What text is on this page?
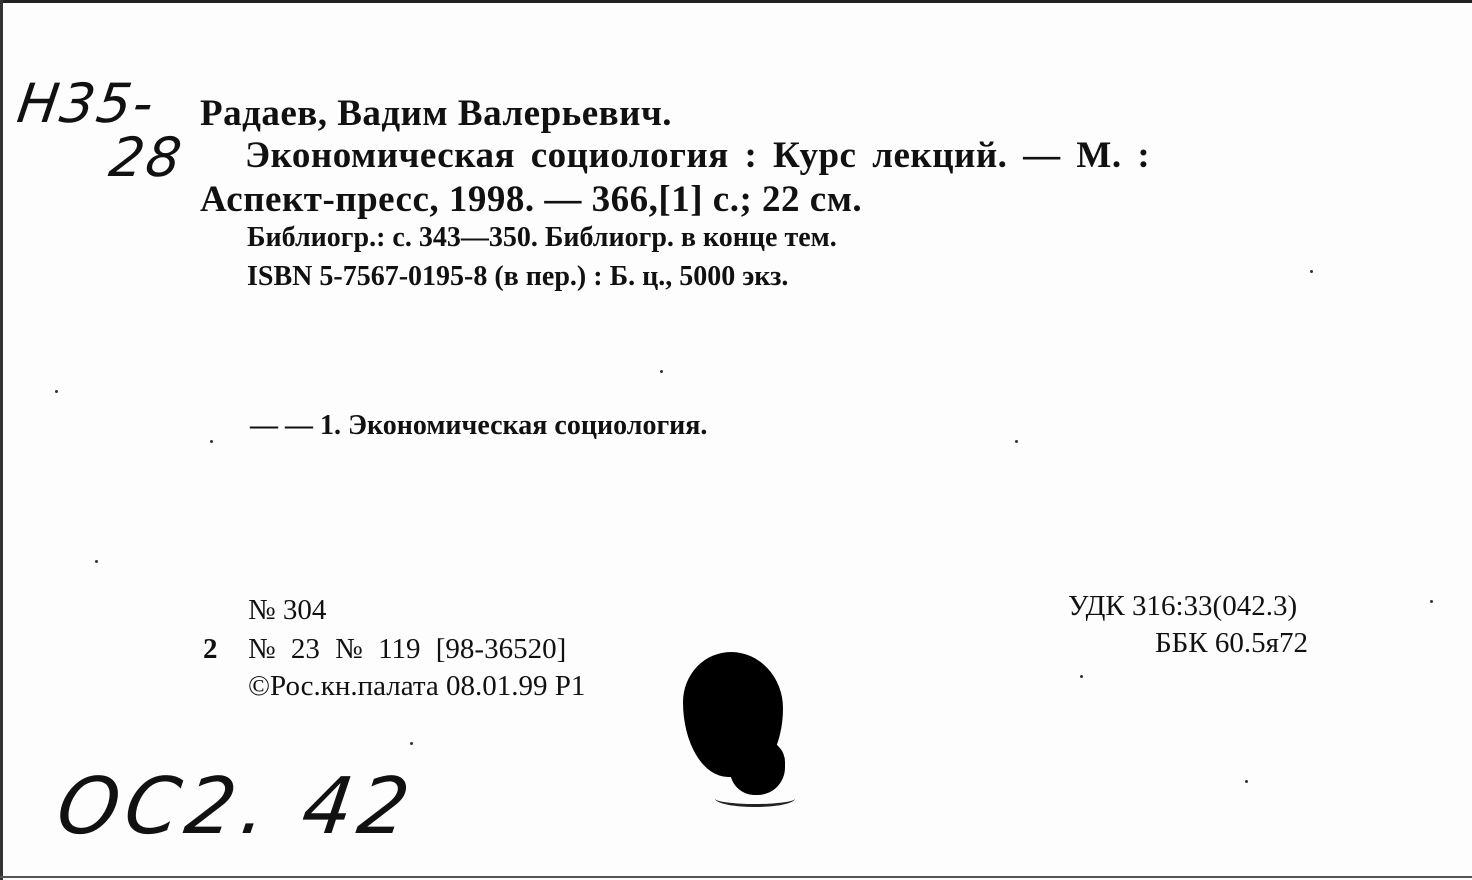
Н35-
28
Радаев, Вадим Валерьевич.
Экономическая социология : Курс лекций. — М. :
Аспект-пресс, 1998. — 366,[1] с.; 22 см.
Библиогр.: с. 343—350. Библиогр. в конце тем.
ISBN 5-7567-0195-8 (в пер.) : Б. ц., 5000 экз.
— — 1. Экономическая социология.
№ 304
2 № 23 № 119 [98-36520]
©Рос.кн.палата 08.01.99 Р1
УДК 316:33(042.3)
ББК 60.5я72
ОС2. 42
